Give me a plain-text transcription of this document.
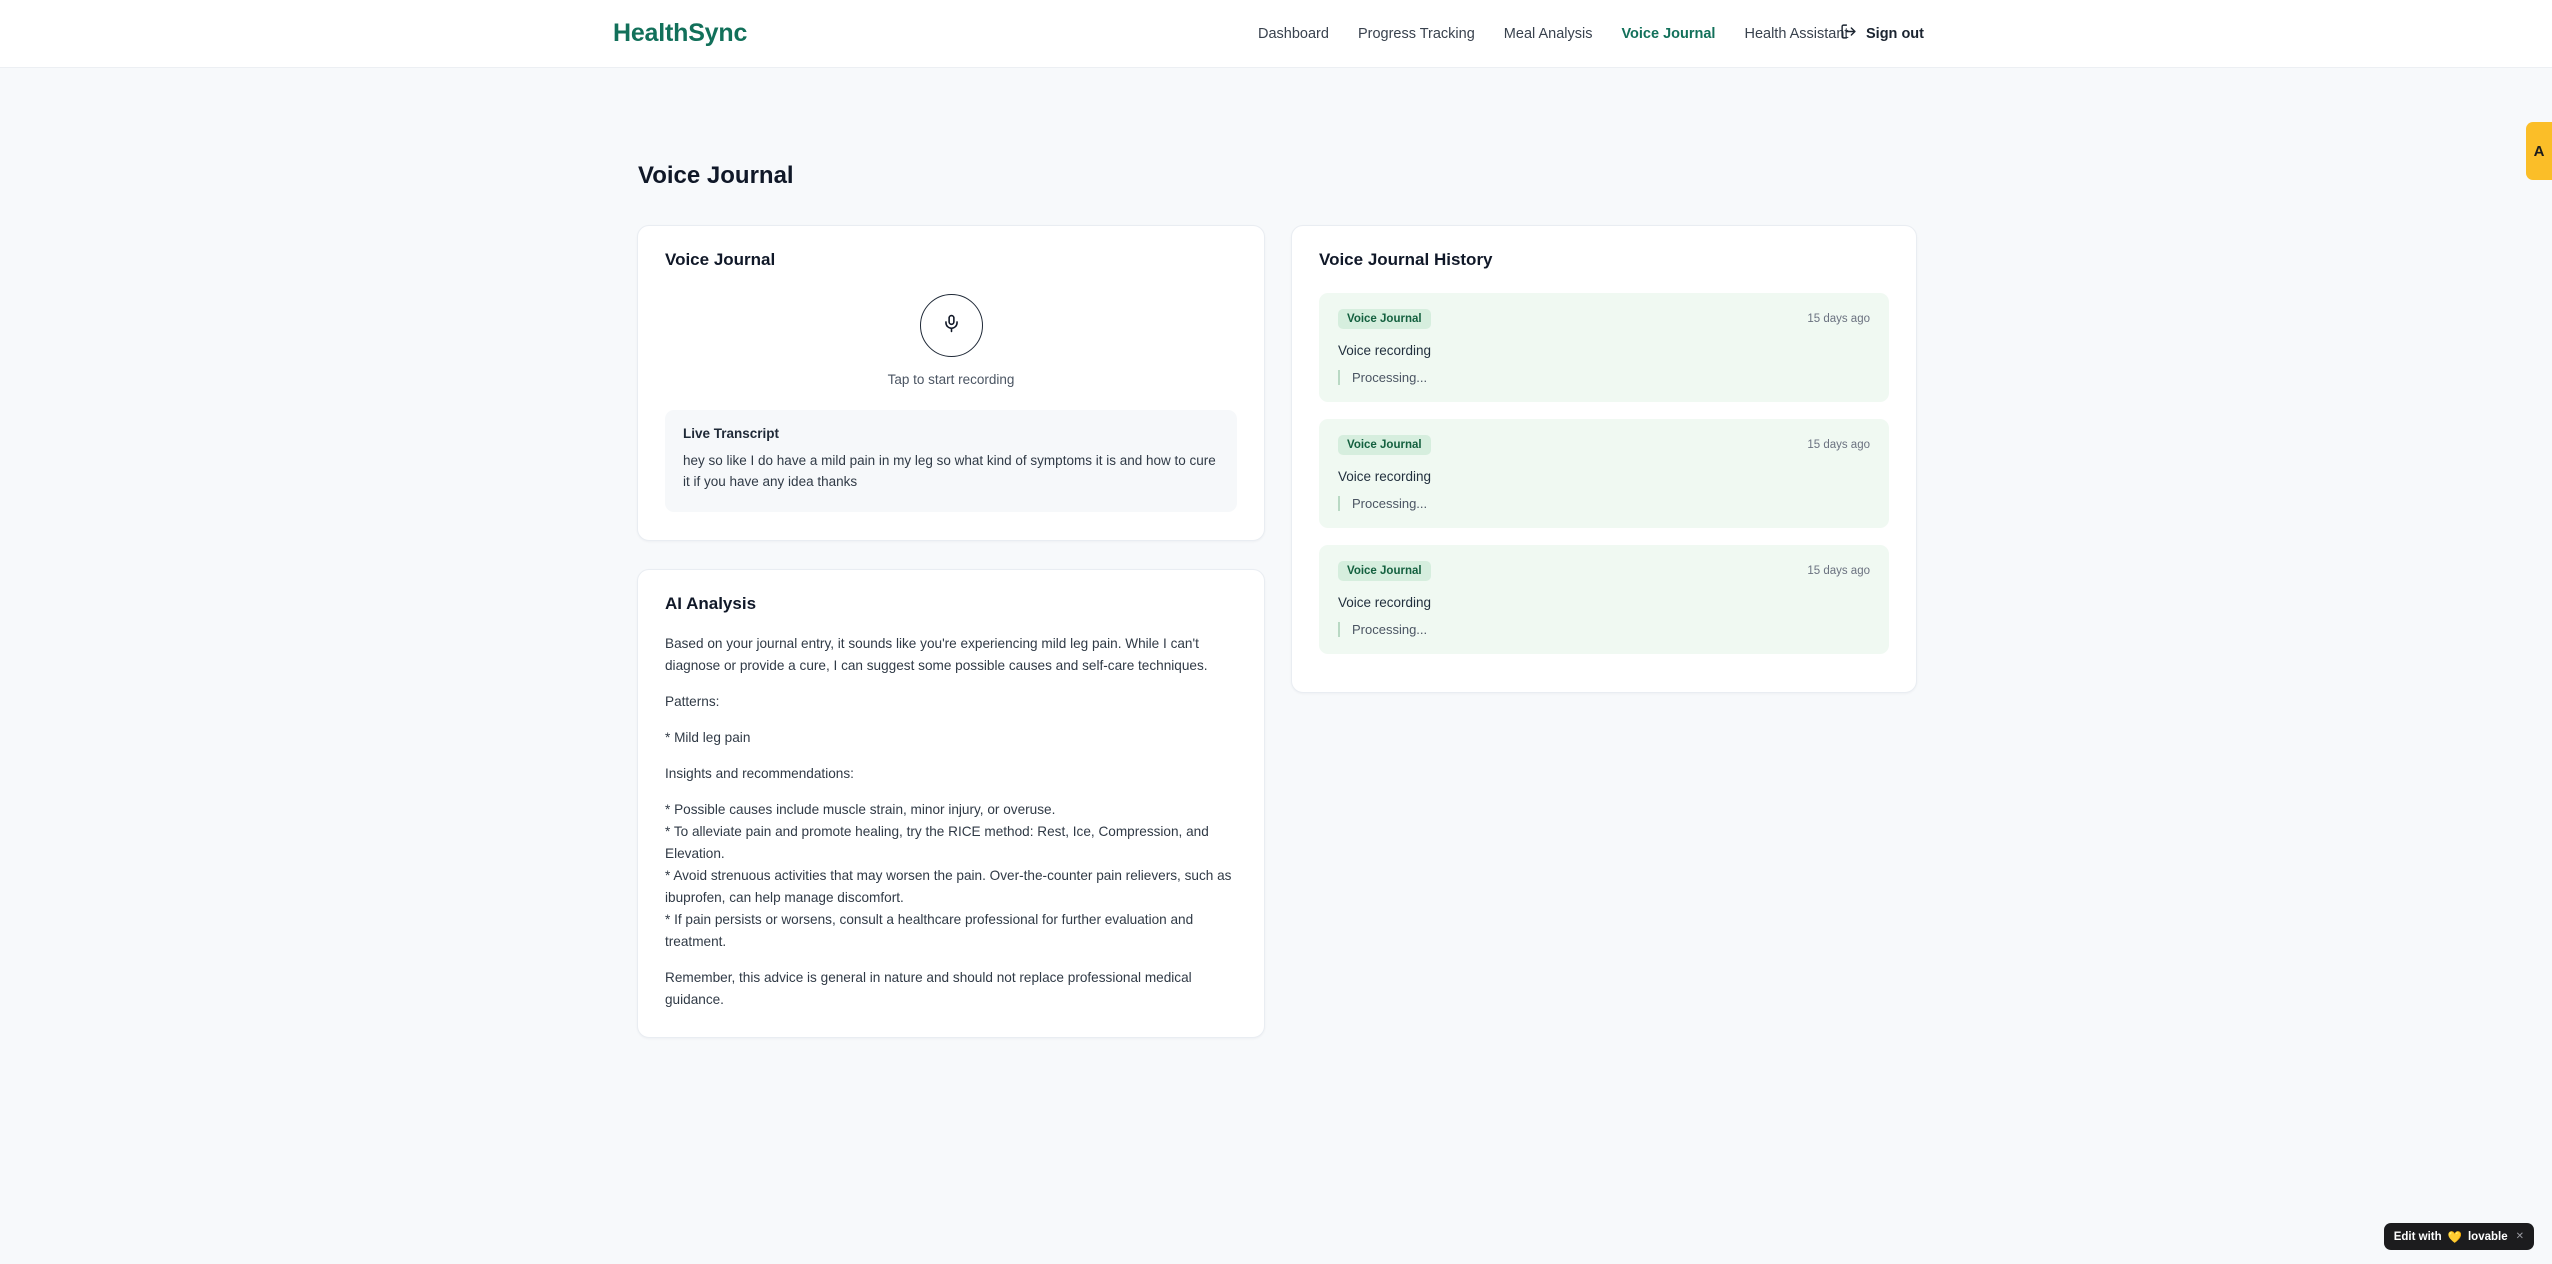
HealthSync	Dashboard Progress Tracking Meal Analysis Voice Journal Health Assistant Sign out
Voice Journal
Voice Journal
Tap to start recording
Live Transcript
hey so like I do have a mild pain in my leg so what kind of symptoms it is and how to cure it if you have any idea thanks
AI Analysis

Based on your journal entry, it sounds like you're experiencing mild leg pain. While I can't diagnose or provide a cure, I can suggest some possible causes and self-care techniques.

Patterns:

* Mild leg pain

Insights and recommendations:

* Possible causes include muscle strain, minor injury, or overuse.

* To alleviate pain and promote healing, try the RICE method: Rest, Ice, Compression, and Elevation.

* Avoid strenuous activities that may worsen the pain. Over-the-counter pain relievers, such as ibuprofen, can help manage discomfort.

* If pain persists or worsens, consult a healthcare professional for further evaluation and treatment.

Remember, this advice is general in nature and should not replace professional medical guidance.

Voice Journal History
Voice Journal	15 days ago
Voice recording
Processing...
Voice Journal	15 days ago
Voice recording
Processing...
Voice Journal	15 days ago
Voice recording
Processing...
A
Edit with 💛 lovable ✕
